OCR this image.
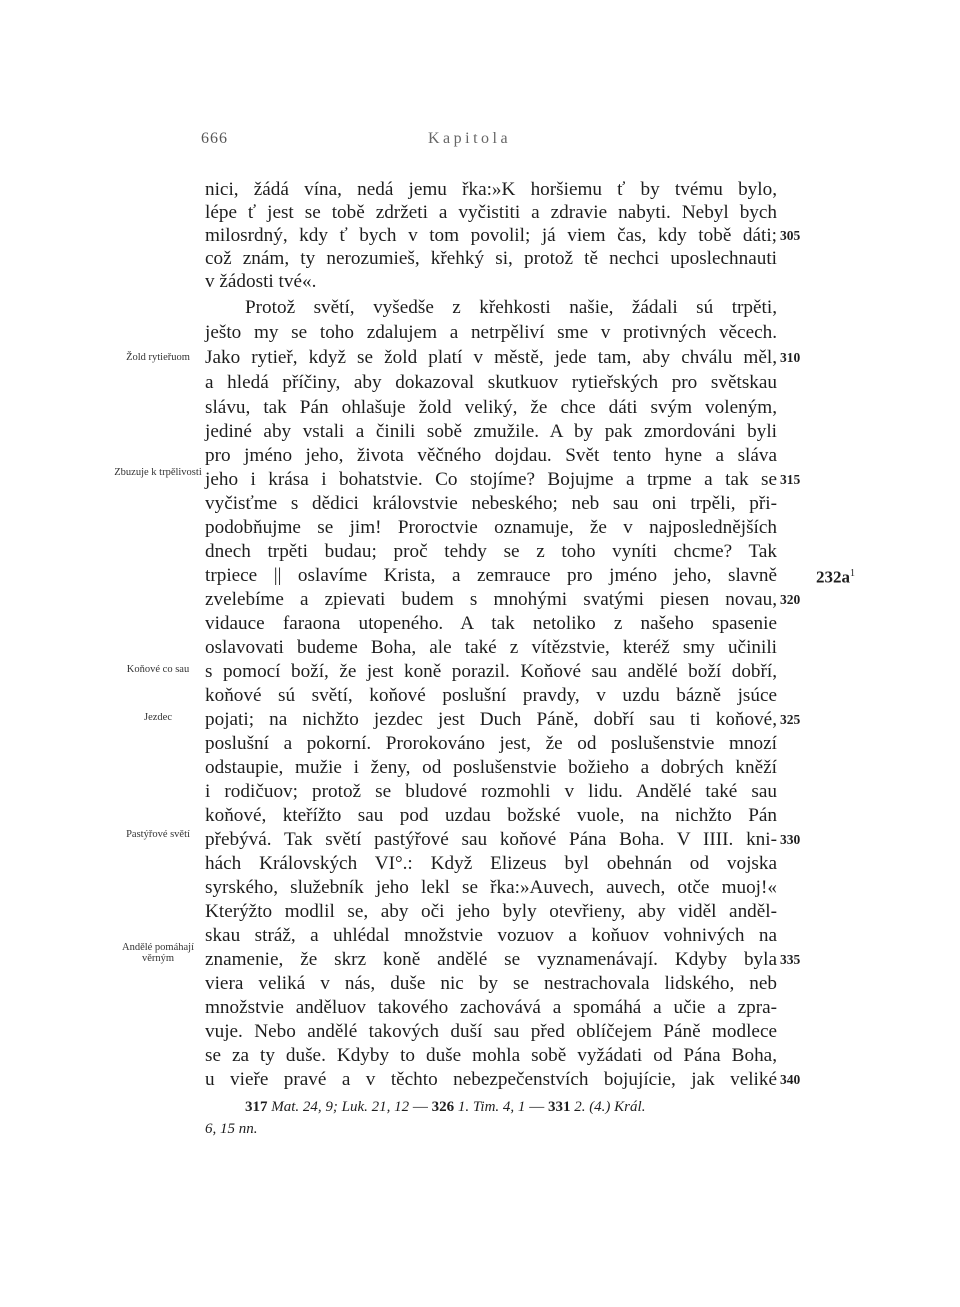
666	Kapitola
nici, žádá vína, nedá jemu řka:»K horšiemu ť by tvému bylo,
lépe ť jest se tobě zdržeti a vyčistiti a zdravie nabyti. Nebyl bych
milosrdný, kdy ť bych v tom povolil; já viem čas, kdy tobě dáti;
což znám, ty nerozumieš, křehký si, protož tě nechci uposlechnauti
v žádosti tvé«.
Protož světí, vyšedše z křehkosti našie, žádali sú trpěti,
ješto my se toho zdalujem a netrpěliví sme v protivných věcech.
Jako rytieř, když se žold platí v městě, jede tam, aby chválu měl,
a hledá příčiny, aby dokazoval skutkuov rytieřských pro světskau
slávu, tak Pán ohlašuje žold veliký, že chce dáti svým voleným,
jediné aby vstali a činili sobě zmužile. A by pak zmordováni byli
pro jméno jeho, života věčného dojdau. Svět tento hyne a sláva
jeho i krása i bohatstvie. Co stojíme? Bojujme a trpme a tak se
vyčisťme s dědici královstvie nebeského; neb sau oni trpěli, při-
podobňujme se jim! Proroctvie oznamuje, že v najposlednějších
dnech trpěti budau; proč tehdy se z toho vyníti chcme? Tak
trpiece || oslavíme Krista, a zemrauce pro jméno jeho, slavně
zvelebíme a zpievati budem s mnohými svatými piesen novau,
vidauce faraona utopeného. A tak netoliko z našeho spasenie
oslavovati budeme Boha, ale také z vítězstvie, kteréž smy učinili
s pomocí boží, že jest koně porazil. Koňové sau andělé boží dobří,
koňové sú světí, koňové poslušní pravdy, v uzdu bázně jsúce
pojati; na nichžto jezdec jest Duch Páně, dobří sau ti koňové,
poslušní a pokorní. Prorokováno jest, že od poslušenstvie mnozí
odstaupie, mužie i ženy, od poslušenstvie božieho a dobrých kněží
i rodičuov; protož se bludové rozmohli v lidu. Andělé také sau
koňové, kteřížto sau pod uzdau božské vuole, na nichžto Pán
přebývá. Tak světí pastýřové sau koňové Pána Boha. V IIII. kni-
hách Královských VI°.: Když Elizeus byl obehnán od vojska
syrského, služebník jeho lekl se řka:»Auvech, auvech, otče muoj!«
Kterýžto modlil se, aby oči jeho byly otevřieny, aby viděl anděl-
skau stráž, a uhlédal množstvie vozuov a koňuov vohnivých na
znamenie, že skrz koně andělé se vyznamenávají. Kdyby byla
viera veliká v nás, duše nic by se nestrachovala lidského, neb
množstvie anděluov takového zachovává a spomáhá a učie a zpra-
vuje. Nebo andělé takových duší sau před oblíčejem Páně modlece
se za ty duše. Kdyby to duše mohla sobě vyžádati od Pána Boha,
u vieře pravé a v těchto nebezpečenstvích bojujície, jak veliké
305
310
315
320
325
330
335
340
$232a^1$
Žold rytieřuom
Zbuzuje k trpělivosti
Koňové co sau
Jezdec
Pastýřové světí
Andělé pomáhají věrným
317 Mat. 24, 9; Luk. 21, 12 — 326 1. Tim. 4, 1 — 331 2. (4.) Král.
6, 15 nn.
